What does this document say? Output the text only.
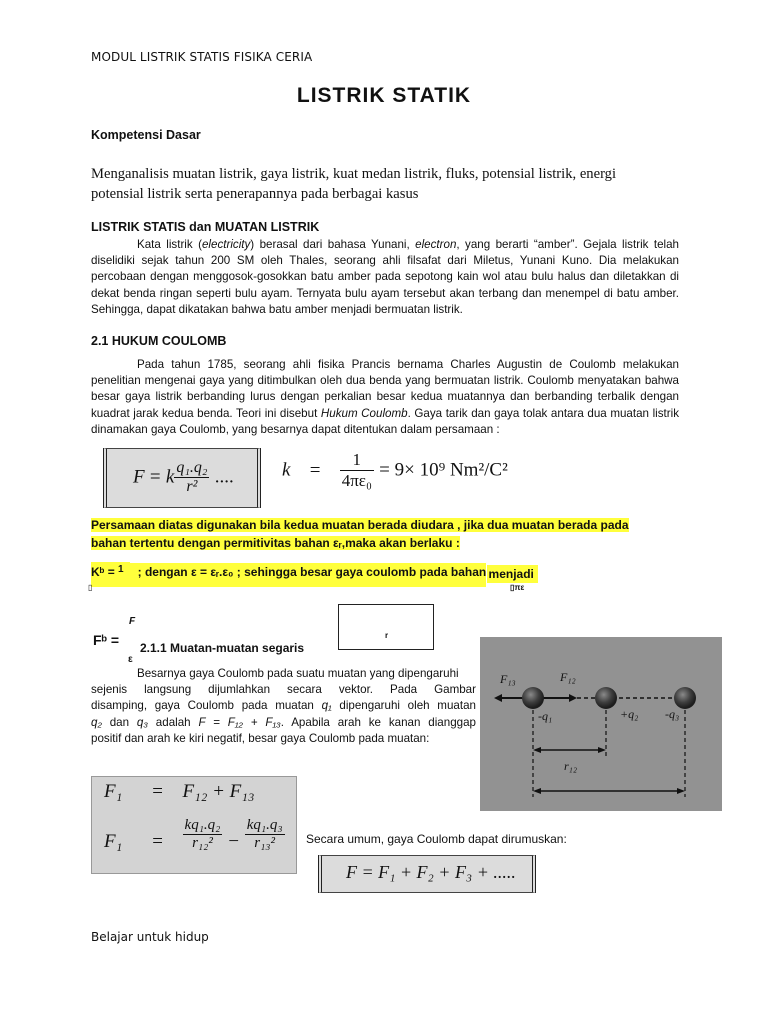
MODUL LISTRIK STATIS FISIKA CERIA
LISTRIK STATIK
Kompetensi Dasar
Menganalisis muatan listrik, gaya listrik, kuat medan listrik, fluks, potensial listrik, energi
potensial listrik serta penerapannya pada berbagai kasus
LISTRIK STATIS dan MUATAN LISTRIK

Kata listrik (electricity) berasal dari bahasa Yunani, electron, yang berarti “amber”. Gejala listrik telah diselidiki sejak tahun 200 SM oleh Thales, seorang ahli filsafat dari Miletus, Yunani Kuno. Dia melakukan percobaan dengan menggosok-gosokkan batu amber pada sepotong kain wol atau bulu halus dan diletakkan di dekat benda ringan seperti bulu ayam. Ternyata bulu ayam tersebut akan terbang dan menempel di batu amber. Sehingga, dapat dikatakan bahwa batu amber menjadi bermuatan listrik.

2.1 HUKUM COULOMB

Pada tahun 1785, seorang ahli fisika Prancis bernama Charles Augustin de Coulomb melakukan penelitian mengenai gaya yang ditimbulkan oleh dua benda yang bermuatan listrik. Coulomb menyatakan bahwa besar gaya listrik berbanding lurus dengan perkalian besar kedua muatannya dan berbanding terbalik dengan kuadrat jarak kedua benda. Teori ini disebut Hukum Coulomb. Gaya tarik dan gaya tolak antara dua muatan listrik dinamakan gaya Coulomb, yang besarnya dapat ditentukan dalam persamaan :

F = k $\frac{\text{q₁.q₂}}{\text{r²}}$ ....	$k = \frac{1}{\text{4πε₀}} = 9\times 10^9$ Nm²/C²
Persamaan diatas digunakan bila kedua muatan berada diudara , jika dua muatan berada pada
bahan tertentu dengan permitivitas bahan εᵣ,maka akan berlaku :
Kᵇ = $^1$ ; dengan ε = εᵣ.ε₀ ; sehingga besar gaya coulomb pada bahan menjadi
▯	▯πε
F
Fᵇ =
ε
2.1.1 Muatan-muatan segaris
r
Besarnya gaya Coulomb pada suatu muatan yang dipengaruhi
sejenis langsung dijumlahkan secara vektor. Pada Gambar
disamping, gaya Coulomb pada muatan q₁ dipengaruhi oleh muatan
q₂ dan q₃ adalah F = F₁₂ + F₁₃. Apabila arah ke kanan dianggap
positif dan arah ke kiri negatif, besar gaya Coulomb pada muatan:
F₁₃	F₁₂
-q₁	+q₂ -q₃
r₁₂
F₁ = F₁₂ + F₁₃
$F_1 = \frac{\text{kq₁.q₂}}{\text{r₁₂²}} - \frac{\text{kq₁.q₃}}{\text{r₁₃²}}$ Secara umum, gaya Coulomb dapat dirumuskan:
F = F₁ + F₂ + F₃ + .....
Belajar untuk hidup
